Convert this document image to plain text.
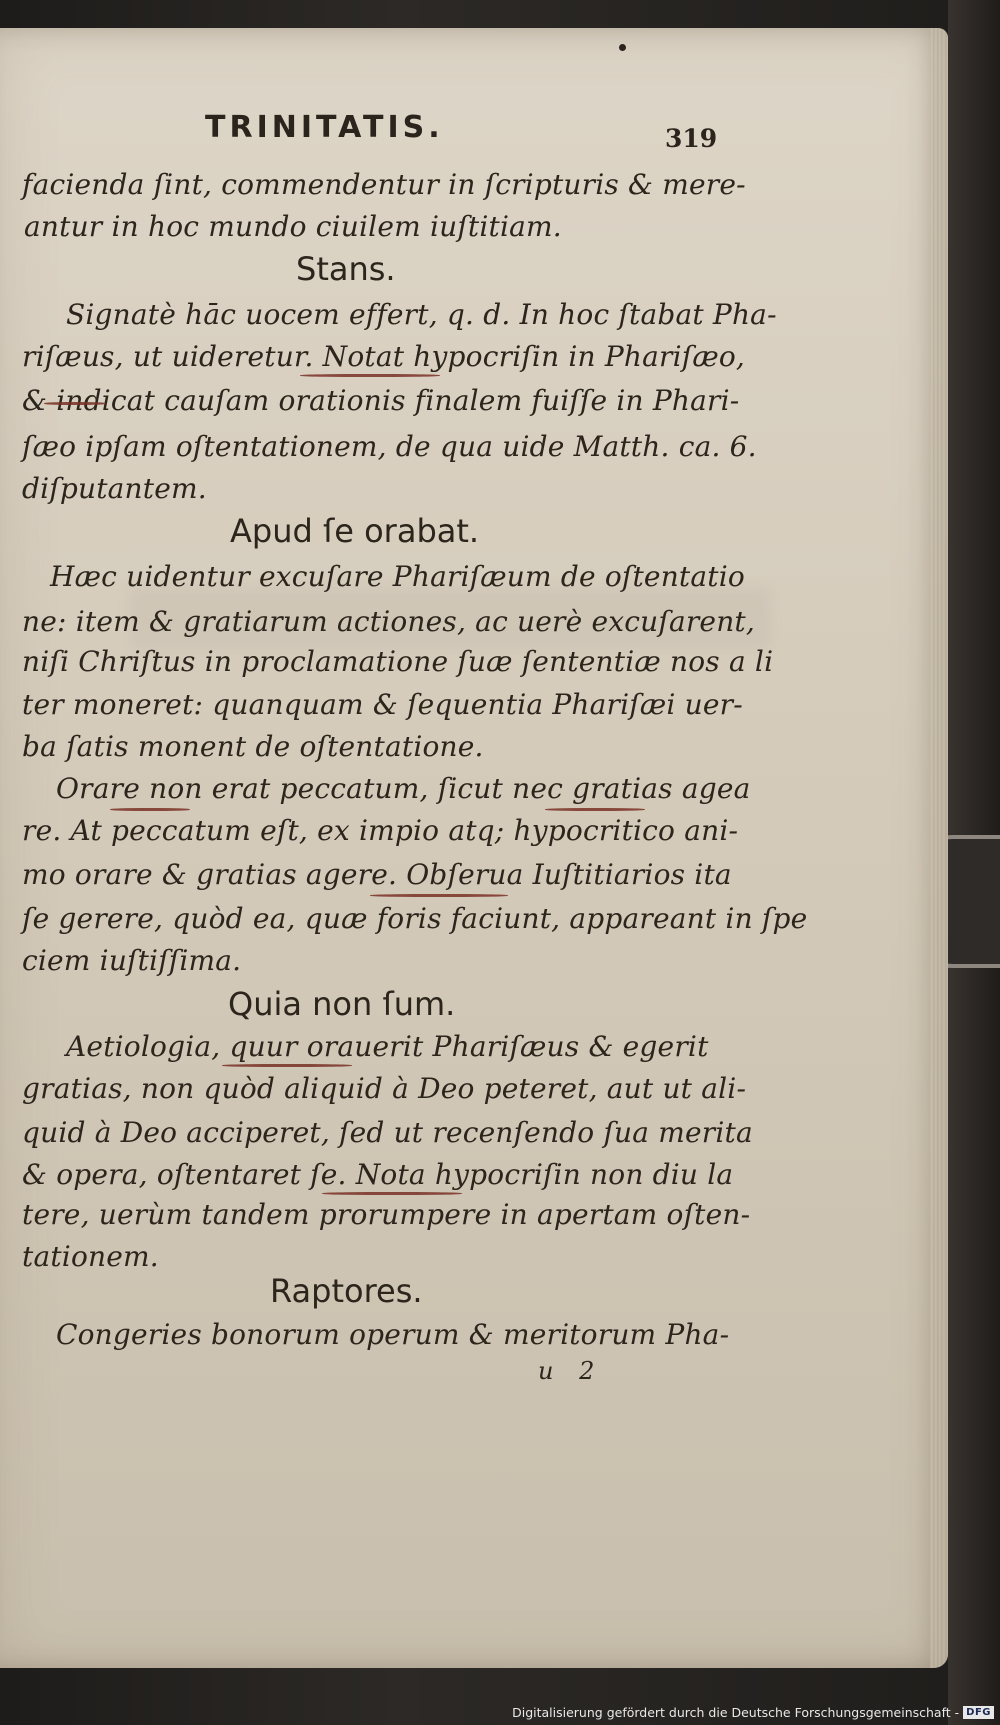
TRINITATIS.	319
facienda ſint, commendentur in ſcripturis & mere-
antur in hoc mundo ciuilem iuſtitiam.
Stans.
Signatè hāc uocem effert, q. d. In hoc ſtabat Pha-
riſæus, ut uideretur. Notat hypocriſin in Phariſæo,
& indicat cauſam orationis finalem fuiſſe in Phari-
ſæo ipſam oſtentationem, de qua uide Matth. ca. 6.
diſputantem.
Apud ſe orabat.
Hæc uidentur excuſare Phariſæum de oſtentatio
ne: item & gratiarum actiones, ac uerè excuſarent,
niſi Chriſtus in proclamatione ſuæ ſententiæ nos a li
ter moneret: quanquam & ſequentia Phariſæi uer-
ba ſatis monent de oſtentatione.
Orare non erat peccatum, ſicut nec gratias agea
re. At peccatum eſt, ex impio atq; hypocritico ani-
mo orare & gratias agere. Obſerua Iuſtitiarios ita
ſe gerere, quòd ea, quæ foris faciunt, appareant in ſpe
ciem iuſtiſſima.
Quia non ſum.
Aetiologia, quur orauerit Phariſæus & egerit
gratias, non quòd aliquid à Deo peteret, aut ut ali-
quid à Deo acciperet, ſed ut recenſendo ſua merita
& opera, oſtentaret ſe. Nota hypocriſin non diu la
tere, uerùm tandem prorumpere in apertam oſten-
tationem.
Raptores.
Congeries bonorum operum & meritorum Pha-
u 2
Digitalisierung gefördert durch die Deutsche Forschungsgemeinschaft - DFG
